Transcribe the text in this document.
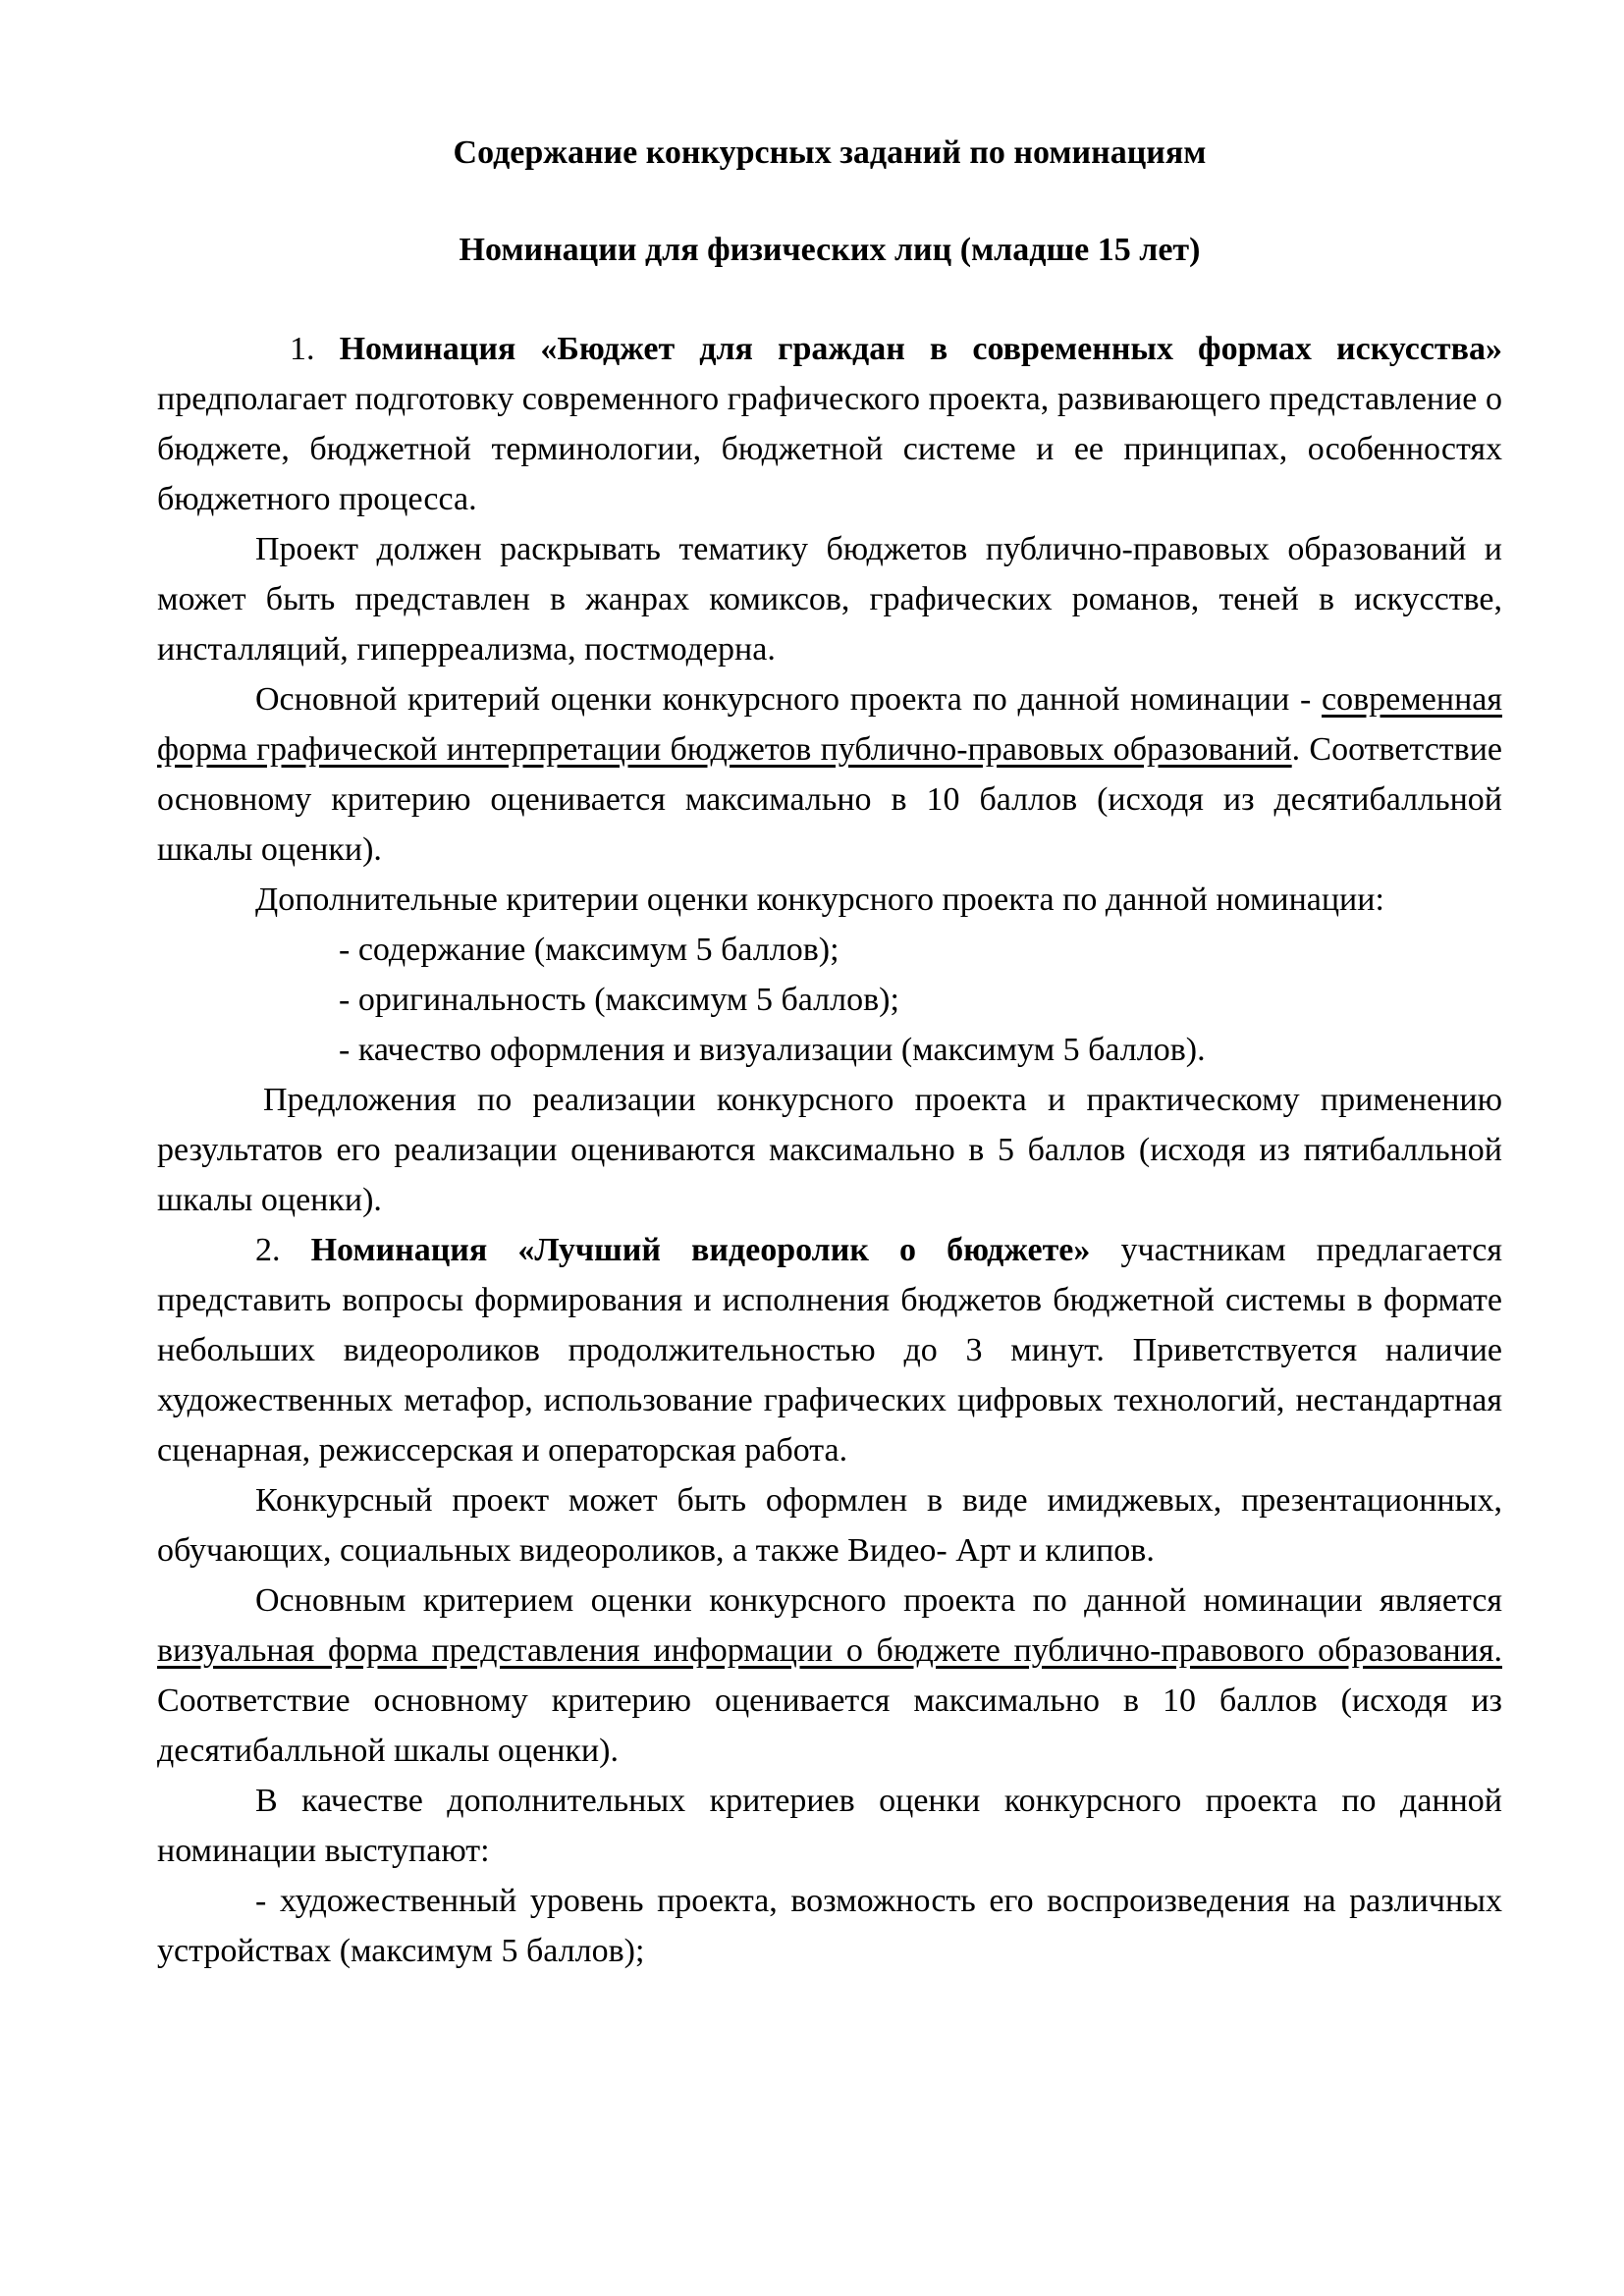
Содержание конкурсных заданий по номинациям

Номинации для физических лиц (младше 15 лет)

1. Номинация «Бюджет для граждан в современных формах искусства» предполагает подготовку современного графического проекта, развивающего представление о бюджете, бюджетной терминологии, бюджетной системе и ее принципах, особенностях бюджетного процесса.

Проект должен раскрывать тематику бюджетов публично-правовых образований и может быть представлен в жанрах комиксов, графических романов, теней в искусстве, инсталляций, гиперреализма, постмодерна.

Основной критерий оценки конкурсного проекта по данной номинации - современная форма графической интерпретации бюджетов публично-правовых образований. Соответствие основному критерию оценивается максимально в 10 баллов (исходя из десятибалльной шкалы оценки).

Дополнительные критерии оценки конкурсного проекта по данной номинации:

- содержание (максимум 5 баллов);

- оригинальность (максимум 5 баллов);

- качество оформления и визуализации (максимум 5 баллов).

Предложения по реализации конкурсного проекта и практическому применению результатов его реализации оцениваются максимально в 5 баллов (исходя из пятибалльной шкалы оценки).

2. Номинация «Лучший видеоролик о бюджете» участникам предлагается представить вопросы формирования и исполнения бюджетов бюджетной системы в формате небольших видеороликов продолжительностью до 3 минут. Приветствуется наличие художественных метафор, использование графических цифровых технологий, нестандартная сценарная, режиссерская и операторская работа.

Конкурсный проект может быть оформлен в виде имиджевых, презентационных, обучающих, социальных видеороликов, а также Видео- Арт и клипов.

Основным критерием оценки конкурсного проекта по данной номинации является визуальная форма представления информации о бюджете публично-правового образования. Соответствие основному критерию оценивается максимально в 10 баллов (исходя из десятибалльной шкалы оценки).

В качестве дополнительных критериев оценки конкурсного проекта по данной номинации выступают:

- художественный уровень проекта, возможность его воспроизведения на различных устройствах (максимум 5 баллов);
